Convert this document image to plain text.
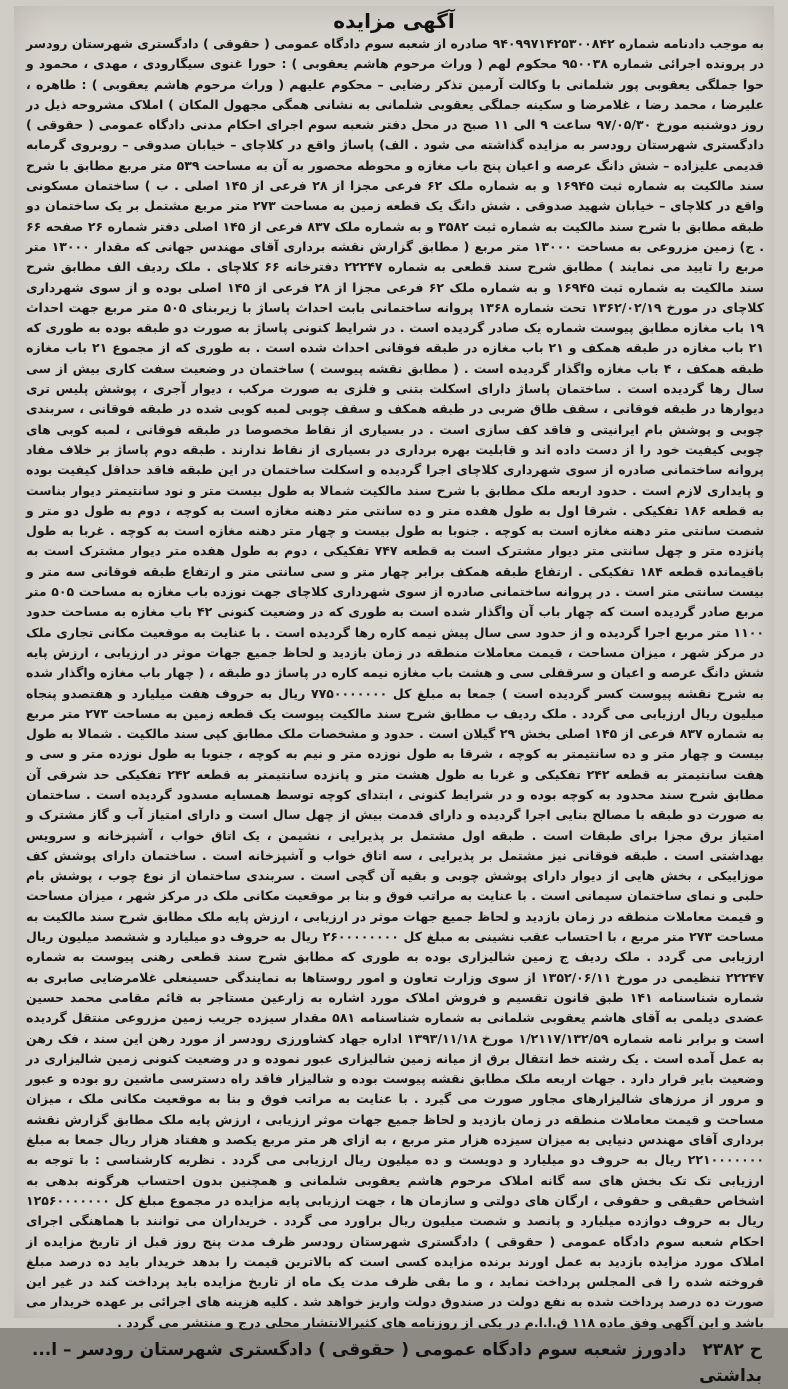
آگهی مزایده

به موجب دادنامه شماره ۹۴۰۹۹۷۱۴۲۵۳۰۰۸۴۲ صادره از شعبه سوم دادگاه عمومی ( حقوقی ) دادگستری شهرستان رودسر در پرونده اجرائی شماره ۹۵۰۰۳۸ محکوم لهم ( وراث مرحوم هاشم یعقوبی ) : حورا غنوی سیگارودی ، مهدی ، محمود و حوا جملگی یعقوبی پور شلمانی با وکالت آرمین تذکر رضایی – محکوم علیهم ( وراث مرحوم هاشم یعقوبی ) : طاهره ، علیرضا ، محمد رضا ، غلامرضا و سکینه جملگی یعقوبی شلمانی به نشانی همگی مجهول المکان ) املاک مشروحه ذیل در روز دوشنبه مورخ ۹۷/۰۵/۳۰ ساعت ۹ الی ۱۱ صبح در محل دفتر شعبه سوم اجرای احکام مدنی دادگاه عمومی ( حقوقی ) دادگستری شهرستان رودسر به مزایده گذاشته می شود . الف) پاساژ واقع در کلاچای – خیابان صدوقی – روبروی گرمابه قدیمی علیزاده – شش دانگ عرصه و اعیان پنج باب مغازه و محوطه محصور به آن به مساحت ۵۳۹ متر مربع مطابق با شرح سند مالکیت به شماره ثبت ۱۶۹۴۵ و به شماره ملک ۶۲ فرعی مجزا از ۲۸ فرعی از ۱۴۵ اصلی . ب ) ساختمان مسکونی واقع در کلاچای – خیابان شهید صدوقی . شش دانگ یک قطعه زمین به مساحت ۲۷۳ متر مربع مشتمل بر یک ساختمان دو طبقه مطابق با شرح سند مالکیت به شماره ثبت ۳۵۸۲ و به شماره ملک ۸۳۷ فرعی از ۱۴۵ اصلی دفتر شماره ۲۶ صفحه ۶۶ . ج) زمین مزروعی به مساحت ۱۳۰۰۰ متر مربع ( مطابق گزارش نقشه برداری آقای مهندس جهانی که مقدار ۱۳۰۰۰ متر مربع را تایید می نمایند ) مطابق شرح سند قطعی به شماره ۲۲۲۴۷ دفترخانه ۶۶ کلاچای . ملک ردیف الف مطابق شرح سند مالکیت به شماره ثبت ۱۶۹۴۵ و به شماره ملک ۶۲ فرعی مجزا از ۲۸ فرعی از ۱۴۵ اصلی بوده و از سوی شهرداری کلاچای در مورخ ۱۳۶۲/۰۲/۱۹ تحت شماره ۱۳۶۸ پروانه ساختمانی بابت احداث پاساژ با زیربنای ۵۰۵ متر مربع جهت احداث ۱۹ باب مغازه مطابق پیوست شماره یک صادر گردیده است . در شرایط کنونی پاساژ به صورت دو طبقه بوده به طوری که ۲۱ باب مغازه در طبقه همکف و ۲۱ باب مغازه در طبقه فوقانی احداث شده است . به طوری که از مجموع ۲۱ باب مغازه طبقه همکف ، ۴ باب مغازه واگذار گردیده است . ( مطابق نقشه پیوست ) ساختمان در وضعیت سفت کاری بیش از سی سال رها گردیده است . ساختمان پاساژ دارای اسکلت بتنی و فلزی به صورت مرکب ، دیوار آجری ، پوشش پلیس تری دیوارها در طبقه فوقانی ، سقف طاق ضربی در طبقه همکف و سقف چوبی لمبه کوبی شده در طبقه فوقانی ، سربندی چوبی و پوشش بام ایرانیتی و فاقد کف سازی است . در بسیاری از نقاط مخصوصا در طبقه فوقانی ، لمبه کوبی های چوبی کیفیت خود را از دست داده اند و قابلیت بهره برداری در بسیاری از نقاط ندارند . طبقه دوم پاساژ بر خلاف مفاد پروانه ساختمانی صادره از سوی شهرداری کلاچای اجرا گردیده و اسکلت ساختمان در این طبقه فاقد حداقل کیفیت بوده و پایداری لازم است . حدود اربعه ملک مطابق با شرح سند مالکیت شمالا به طول بیست متر و نود سانتیمتر دیوار بناست به قطعه ۱۸۶ تفکیکی . شرقا اول به طول هفده متر و ده سانتی متر دهنه مغازه است به کوچه ، دوم به طول دو متر و شصت سانتی متر دهنه مغازه است به کوچه . جنوبا به طول بیست و چهار متر دهنه مغازه است به کوچه . غربا به طول پانزده متر و چهل سانتی متر دیوار مشترک است به قطعه ۷۴۷ تفکیکی ، دوم به طول هفده متر دیوار مشترک است به باقیمانده قطعه ۱۸۴ تفکیکی . ارتفاع طبقه همکف برابر چهار متر و سی سانتی متر و ارتفاع طبقه فوقانی سه متر و بیست سانتی متر است . در پروانه ساختمانی صادره از سوی شهرداری کلاچای جهت نوزده باب مغازه به مساحت ۵۰۵ متر مربع صادر گردیده است که چهار باب آن واگذار شده است به طوری که در وضعیت کنونی ۴۲ باب مغازه به مساحت حدود ۱۱۰۰ متر مربع اجرا گردیده و از حدود سی سال پیش نیمه کاره رها گردیده است . با عنایت به موقعیت مکانی تجاری ملک در مرکز شهر ، میزان مساحت ، قیمت معاملات منطقه در زمان بازدید و لحاظ جمیع جهات موثر در ارزیابی ، ارزش پایه شش دانگ عرصه و اعیان و سرقفلی سی و هشت باب مغازه نیمه کاره در پاساژ دو طبقه ، ( چهار باب مغازه واگذار شده به شرح نقشه پیوست کسر گردیده است ) جمعا به مبلغ کل ۷۷۵۰۰۰۰۰۰۰ ریال به حروف هفت میلیارد و هفتصدو پنجاه میلیون ریال ارزیابی می گردد . ملک ردیف ب مطابق شرح سند مالکیت پیوست یک قطعه زمین به مساحت ۲۷۳ متر مربع به شماره ۸۳۷ فرعی از ۱۴۵ اصلی بخش ۲۹ گیلان است . حدود و مشخصات ملک مطابق کپی سند مالکیت . شمالا به طول بیست و چهار متر و ده سانتیمتر به کوچه ، شرقا به طول نوزده متر و نیم به کوچه ، جنوبا به طول نوزده متر و سی و هفت سانتیمتر به قطعه ۲۴۲ تفکیکی و غربا به طول هشت متر و پانزده سانتیمتر به قطعه ۲۴۲ تفکیکی حد شرقی آن مطابق شرح سند محدود به کوچه بوده و در شرایط کنونی ، ابتدای کوچه توسط همسایه مسدود گردیده است . ساختمان به صورت دو طبقه با مصالح بنایی اجرا گردیده و دارای قدمت بیش از چهل سال است و دارای امتیاز آب و گاز مشترک و امتیاز برق مجزا برای طبقات است . طبقه اول مشتمل بر پذیرایی ، نشیمن ، یک اتاق خواب ، آشپزخانه و سرویس بهداشتی است . طبقه فوقانی نیز مشتمل بر پذیرایی ، سه اتاق خواب و آشپزخانه است . ساختمان دارای پوشش کف موزاییکی ، بخش هایی از دیوار دارای پوشش چوبی و بقیه آن گچی است . سربندی ساختمان از نوع چوب ، پوشش بام حلبی و نمای ساختمان سیمانی است . با عنایت به مراتب فوق و بنا بر موقعیت مکانی ملک در مرکز شهر ، میزان مساحت و قیمت معاملات منطقه در زمان بازدید و لحاظ جمیع جهات موثر در ارزیابی ، ارزش پایه ملک مطابق شرح سند مالکیت به مساحت ۲۷۳ متر مربع ، با احتساب عقب نشینی به مبلغ کل ۲۶۰۰۰۰۰۰۰۰ ریال به حروف دو میلیارد و ششصد میلیون ریال ارزیابی می گردد . ملک ردیف ج زمین شالیزاری بوده به طوری که مطابق شرح سند قطعی رهنی پیوست به شماره ۲۲۲۴۷ تنظیمی در مورخ ۱۳۵۲/۰۶/۱۱ از سوی وزارت تعاون و امور روستاها به نمایندگی حسینعلی غلامرضایی صابری به شماره شناسنامه ۱۴۱ طبق قانون تقسیم و فروش املاک مورد اشاره به زارعین مستاجر به قائم مقامی محمد حسین عضدی دیلمی به آقای هاشم یعقوبی شلمانی به شماره شناسنامه ۵۸۱ مقدار سیزده جریب زمین مزروعی منتقل گردیده است و برابر نامه شماره ۱/۲۱۱۷/۱۳۲/۵۹ مورخ ۱۳۹۳/۱۱/۱۸ اداره جهاد کشاورزی رودسر از مورد رهن این سند ، فک رهن به عمل آمده است . یک رشته خط انتقال برق از میانه زمین شالیزاری عبور نموده و در وضعیت کنونی زمین شالیزاری در وضعیت بایر قرار دارد . جهات اربعه ملک مطابق نقشه پیوست بوده و شالیزار فاقد راه دسترسی ماشین رو بوده و عبور و مرور از مرزهای شالیزارهای مجاور صورت می گیرد . با عنایت به مراتب فوق و بنا به موقعیت مکانی ملک ، میزان مساحت و قیمت معاملات منطقه در زمان بازدید و لحاظ جمیع جهات موثر ارزیابی ، ارزش پایه ملک مطابق گزارش نقشه برداری آقای مهندس دنیایی به میزان سیزده هزار متر مربع ، به ازای هر متر مربع یکصد و هفتاد هزار ریال جمعا به مبلغ ۲۲۱۰۰۰۰۰۰۰ ریال به حروف دو میلیارد و دویست و ده میلیون ریال ارزیابی می گردد . نظریه کارشناسی : با توجه به ارزیابی تک تک بخش های سه گانه املاک مرحوم هاشم یعقوبی شلمانی و همچنین بدون احتساب هرگونه بدهی به اشخاص حقیقی و حقوقی ، ارگان های دولتی و سازمان ها ، جهت ارزیابی پایه مزایده در مجموع مبلغ کل ۱۲۵۶۰۰۰۰۰۰۰ ریال به حروف دوازده میلیارد و پانصد و شصت میلیون ریال براورد می گردد . خریداران می توانند با هماهنگی اجرای احکام شعبه سوم دادگاه عمومی ( حقوقی ) دادگستری شهرستان رودسر ظرف مدت پنج روز قبل از تاریخ مزایده از املاک مورد مزایده بازدید به عمل اورند برنده مزایده کسی است که بالاترین قیمت را بدهد خریدار باید ده درصد مبلغ فروخته شده را فی المجلس پرداخت نماید ، و ما بقی ظرف مدت یک ماه از تاریخ مزایده باید پرداخت کند در غیر این صورت ده درصد پرداخت شده به نفع دولت در صندوق دولت واریز خواهد شد . کلیه هزینه های اجرائی بر عهده خریدار می باشد و این آگهی وفق ماده ۱۱۸ ق.ا.ا.م در یکی از روزنامه های کثیرالانتشار محلی درج و منتشر می گردد .

ح ۲۳۸۲ دادورز شعبه سوم دادگاه عمومی ( حقوقی ) دادگستری شهرستان رودسر – ا...
بداشتی
